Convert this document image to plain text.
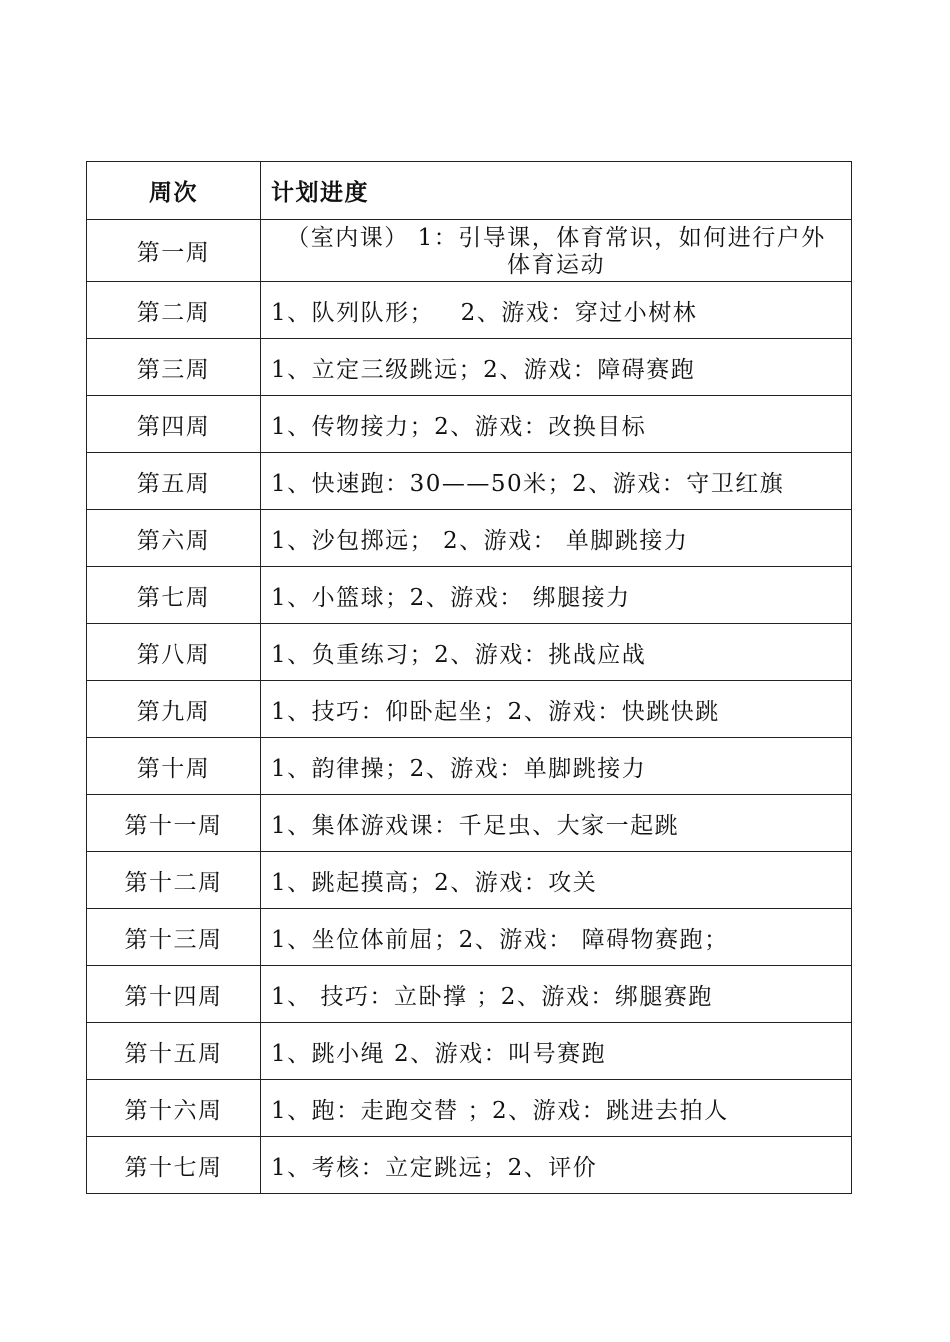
周次	计划进度
第一周	（室内课） 1：引导课，体育常识，如何进行户外
体育运动

第二周	1、队列队形；   2、游戏：穿过小树林
第三周	1、立定三级跳远；2、游戏：障碍赛跑
第四周	1、传物接力；2、游戏：改换目标
第五周	1、快速跑：30——50米；2、游戏：守卫红旗
第六周	1、沙包掷远； 2、游戏： 单脚跳接力
第七周	1、小篮球；2、游戏： 绑腿接力
第八周	1、负重练习；2、游戏：挑战应战
第九周	1、技巧：仰卧起坐；2、游戏：快跳快跳
第十周	1、韵律操；2、游戏：单脚跳接力
第十一周	1、集体游戏课：千足虫、大家一起跳
第十二周	1、跳起摸高；2、游戏：攻关
第十三周	1、坐位体前屈；2、游戏： 障碍物赛跑；
第十四周	1、 技巧：立卧撑 ；2、游戏：绑腿赛跑
第十五周	1、跳小绳 2、游戏：叫号赛跑
第十六周	1、跑：走跑交替 ；2、游戏：跳进去拍人
第十七周	1、考核：立定跳远；2、评价
